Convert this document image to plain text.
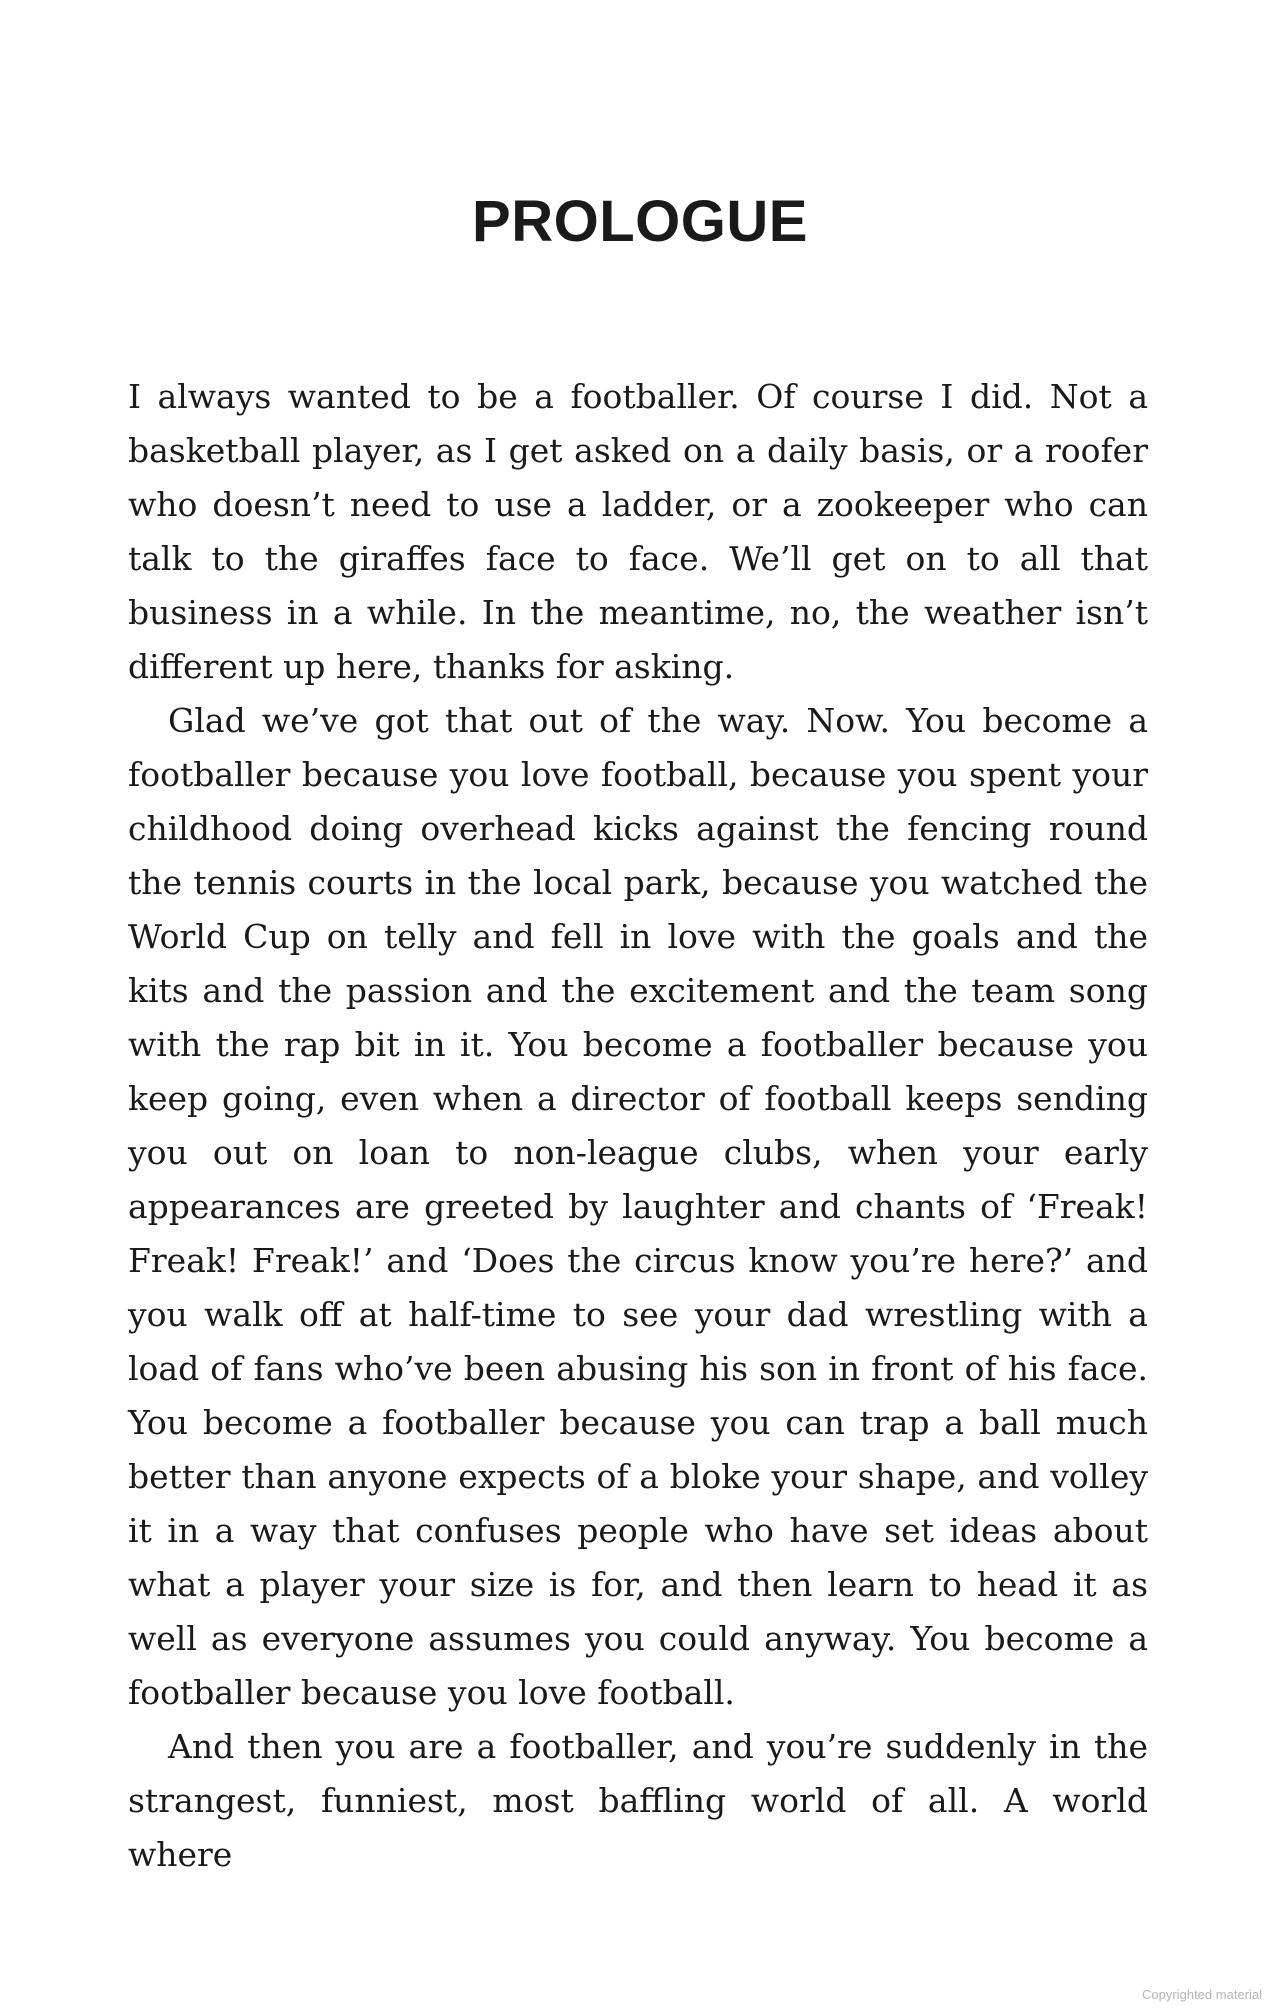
PROLOGUE

I always wanted to be a footballer. Of course I did. Not a basketball player, as I get asked on a daily basis, or a roofer who doesn’t need to use a ladder, or a zookeeper who can talk to the giraffes face to face. We’ll get on to all that business in a while. In the meantime, no, the weather isn’t different up here, thanks for asking.

Glad we’ve got that out of the way. Now. You become a footballer because you love football, because you spent your childhood doing overhead kicks against the fencing round the tennis courts in the local park, because you watched the World Cup on telly and fell in love with the goals and the kits and the passion and the excitement and the team song with the rap bit in it. You become a footballer because you keep going, even when a director of football keeps sending you out on loan to non-league clubs, when your early appearances are greeted by laughter and chants of ‘Freak! Freak! Freak!’ and ‘Does the circus know you’re here?’ and you walk off at half-time to see your dad wrestling with a load of fans who’ve been abusing his son in front of his face. You become a footballer because you can trap a ball much better than anyone expects of a bloke your shape, and volley it in a way that confuses people who have set ideas about what a player your size is for, and then learn to head it as well as everyone assumes you could anyway. You become a footballer because you love football.

And then you are a footballer, and you’re suddenly in the strangest, funniest, most baffling world of all. A world where

Copyrighted material
